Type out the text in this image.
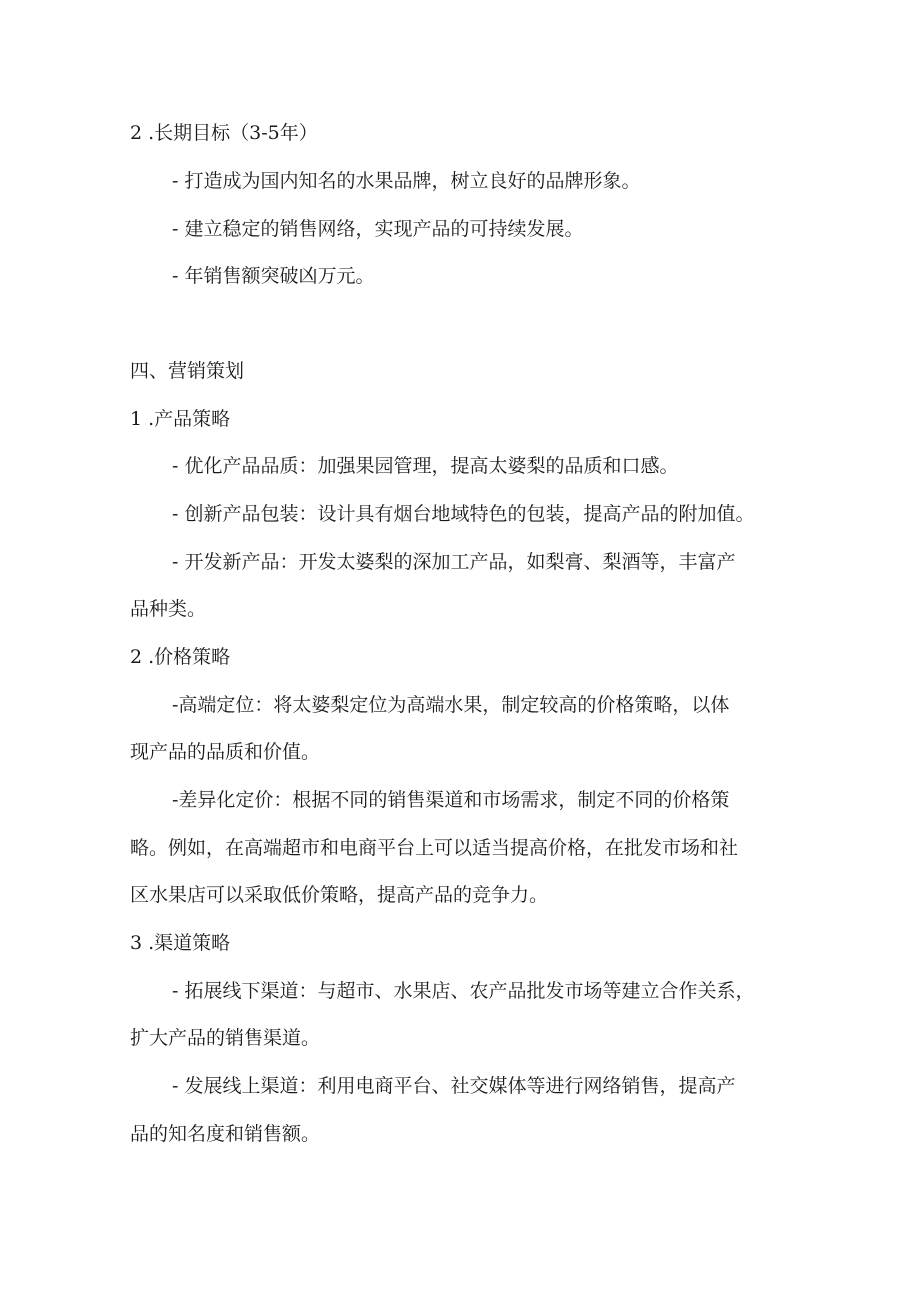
2 .长期目标（3-5年）

- 打造成为国内知名的水果品牌，树立良好的品牌形象。

- 建立稳定的销售网络，实现产品的可持续发展。

- 年销售额突破凶万元。

四、营销策划

1 .产品策略

- 优化产品品质：加强果园管理，提高太婆梨的品质和口感。

- 创新产品包装：设计具有烟台地域特色的包装，提高产品的附加值。

- 开发新产品：开发太婆梨的深加工产品，如梨膏、梨酒等，丰富产

品种类。

2 .价格策略

-高端定位：将太婆梨定位为高端水果，制定较高的价格策略，以体

现产品的品质和价值。

-差异化定价：根据不同的销售渠道和市场需求，制定不同的价格策

略。例如，在高端超市和电商平台上可以适当提高价格，在批发市场和社

区水果店可以采取低价策略，提高产品的竞争力。

3 .渠道策略

- 拓展线下渠道：与超市、水果店、农产品批发市场等建立合作关系，

扩大产品的销售渠道。

- 发展线上渠道：利用电商平台、社交媒体等进行网络销售，提高产

品的知名度和销售额。
